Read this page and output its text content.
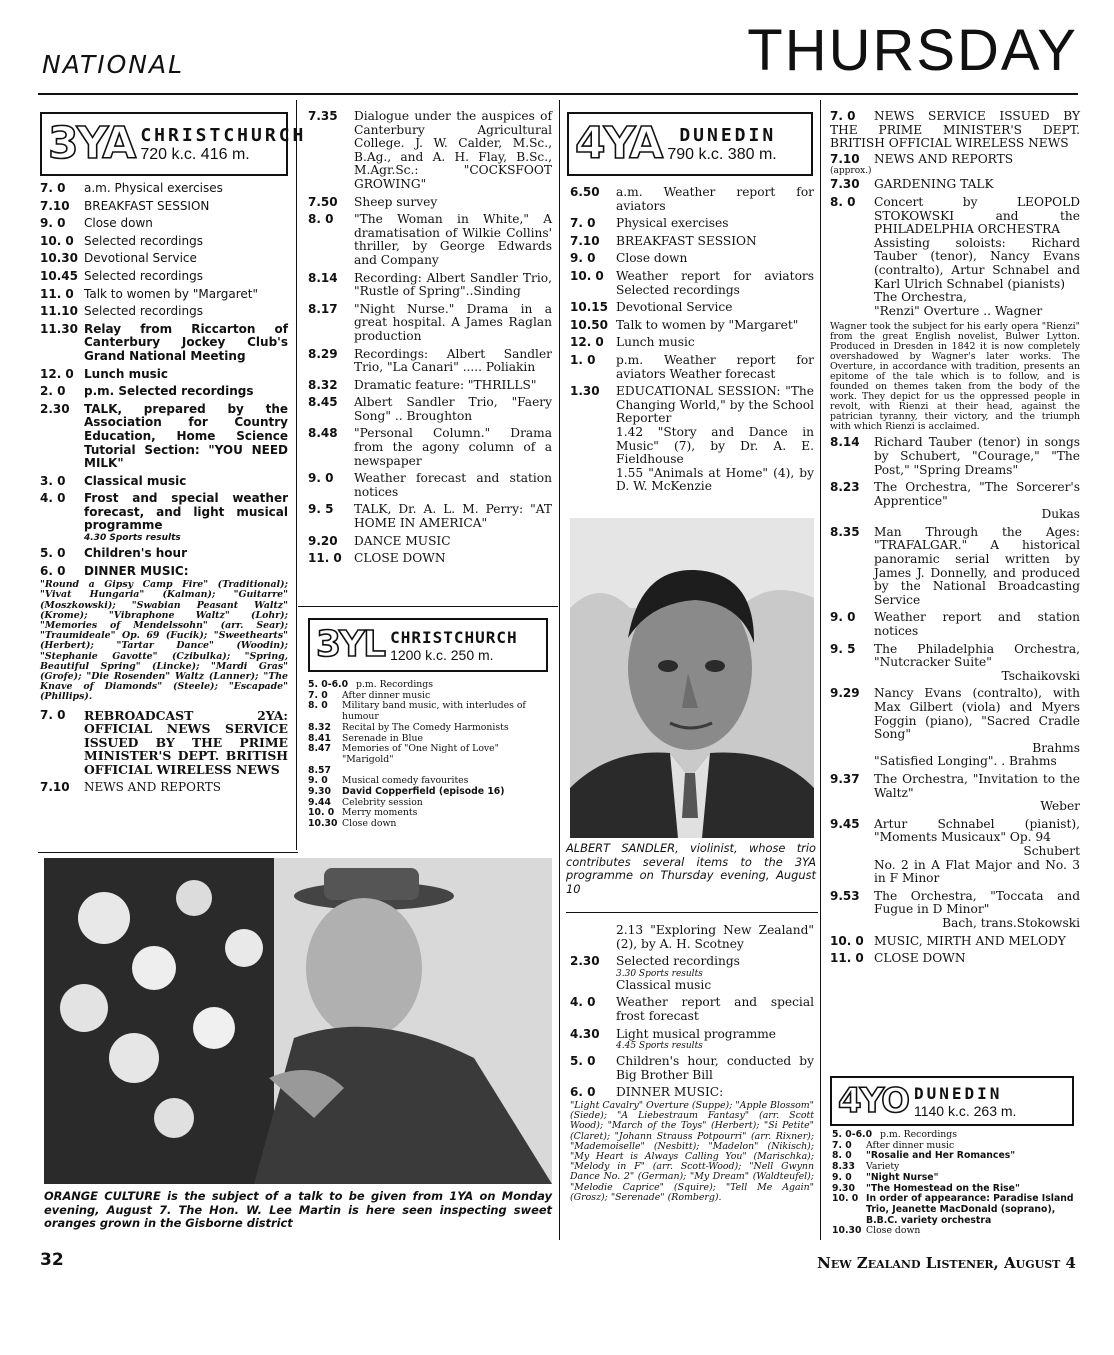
NATIONAL	THURSDAY
3YA CHRISTCHURCH
720 k.c. 416 m.
7. 0	a.m. Physical exercises
7.10	BREAKFAST SESSION
9. 0	Close down
10. 0 Selected recordings
10.30 Devotional Service
10.45 Selected recordings
11. 0 Talk to women by "Margaret"
11.10 Selected recordings
11.30 Relay from Riccarton of Canterbury Jockey Club's Grand National Meeting
12. 0 Lunch music
2. 0	p.m. Selected recordings
2.30	TALK, prepared by the Association for Country Education, Home Science Tutorial Section: "YOU NEED MILK"
3. 0	Classical music
4. 0	Frost and special weather forecast, and light musical programme
4.30 Sports results
5. 0	Children's hour
6. 0	DINNER MUSIC:
"Round a Gipsy Camp Fire" (Traditional); "Vivat Hungaria" (Kalman); "Guitarre" (Moszkowski); "Swabian Peasant Waltz" (Krome); "Vibraphone Waltz" (Lohr); "Memories of Mendelssohn" (arr. Sear); "Traumideale" Op. 69 (Fucik); "Sweethearts" (Herbert); "Tartar Dance" (Woodin); "Stephanie Gavotte" (Czibulka); "Spring, Beautiful Spring" (Lincke); "Mardi Gras" (Grofe); "Die Rosenden" Waltz (Lanner); "The Knave of Diamonds" (Steele); "Escapade" (Phillips).
7. 0	REBROADCAST 2YA: OFFICIAL NEWS SERVICE ISSUED BY THE PRIME MINISTER'S DEPT. BRITISH OFFICIAL WIRELESS NEWS
7.10	NEWS AND REPORTS
7.35	Dialogue under the auspices of Canterbury Agricultural College. J. W. Calder, M.Sc., B.Ag., and A. H. Flay, B.Sc., M.Agr.Sc.: "COCKSFOOT GROWING"
7.50	Sheep survey
8. 0	"The Woman in White," A dramatisation of Wilkie Collins' thriller, by George Edwards and Company
8.14	Recording: Albert Sandler Trio, "Rustle of Spring"..Sinding
8.17	"Night Nurse." Drama in a great hospital. A James Raglan production
8.29	Recordings: Albert Sandler Trio, "La Canari" ..... Poliakin
8.32	Dramatic feature: "THRILLS"
8.45	Albert Sandler Trio, "Faery Song" .. Broughton
8.48	"Personal Column." Drama from the agony column of a newspaper
9. 0	Weather forecast and station notices
9. 5	TALK, Dr. A. L. M. Perry: "AT HOME IN AMERICA"
9.20	DANCE MUSIC
11. 0	CLOSE DOWN
3YL CHRISTCHURCH
1200 k.c. 250 m.
5. 0-6.0 p.m. Recordings
7. 0	After dinner music
8. 0	Military band music, with interludes of humour
8.32	Recital by The Comedy Harmonists
8.41	Serenade in Blue
8.47	Memories of "One Night of Love" "Marigold"
8.57
9. 0	Musical comedy favourites
9.30	David Copperfield (episode 16)
9.44	Celebrity session
10. 0 Merry moments
10.30 Close down
ORANGE CULTURE is the subject of a talk to be given from 1YA on Monday evening, August 7. The Hon. W. Lee Martin is here seen inspecting sweet oranges grown in the Gisborne district
4YA DUNEDIN
790 k.c. 380 m.
6.50	a.m. Weather report for aviators
7. 0	Physical exercises
7.10	BREAKFAST SESSION
9. 0	Close down
10. 0	Weather report for aviators Selected recordings
10.15 Devotional Service
10.50 Talk to women by "Margaret"
12. 0	Lunch music
1. 0	p.m. Weather report for aviators Weather forecast
1.30	EDUCATIONAL SESSION: "The Changing World," by the School Reporter
1.42 "Story and Dance in Music" (7), by Dr. A. E. Fieldhouse
1.55 "Animals at Home" (4), by D. W. McKenzie
ALBERT SANDLER, violinist, whose trio contributes several items to the 3YA programme on Thursday evening, August 10
2.13 "Exploring New Zealand" (2), by A. H. Scotney
2.30	Selected recordings
3.30 Sports results
Classical music
4. 0	Weather report and special frost forecast
4.30	Light musical programme
4.45 Sports results
5. 0	Children's hour, conducted by Big Brother Bill
6. 0	DINNER MUSIC:
"Light Cavalry" Overture (Suppe); "Apple Blossom" (Siede); "A Liebestraum Fantasy" (arr. Scott Wood); "March of the Toys" (Herbert); "Si Petite" (Claret); "Johann Strauss Potpourri" (arr. Rixner); "Mademoiselle" (Nesbitt); "Madelon" (Nikisch); "My Heart is Always Calling You" (Marischka); "Melody in F" (arr. Scott-Wood); "Nell Gwynn Dance No. 2" (German); "My Dream" (Waldteufel); "Melodie Caprice" (Squire); "Tell Me Again" (Grosz); "Serenade" (Romberg).
7. 0	NEWS SERVICE ISSUED BY THE PRIME MINISTER'S DEPT. BRITISH OFFICIAL WIRELESS NEWS
7.10	NEWS AND REPORTS
(approx.)
7.30	GARDENING TALK
8. 0	Concert by LEOPOLD STOKOWSKI and the PHILADELPHIA ORCHESTRA
Assisting soloists: Richard Tauber (tenor), Nancy Evans (contralto), Artur Schnabel and Karl Ulrich Schnabel (pianists)
The Orchestra,
"Renzi" Overture .. Wagner
Wagner took the subject for his early opera "Rienzi" from the great English novelist, Bulwer Lytton. Produced in Dresden in 1842 it is now completely overshadowed by Wagner's later works. The Overture, in accordance with tradition, presents an epitome of the tale which is to follow, and is founded on themes taken from the body of the work. They depict for us the oppressed people in revolt, with Rienzi at their head, against the patrician tyranny, their victory, and the triumph with which Rienzi is acclaimed.
8.14	Richard Tauber (tenor) in songs by Schubert, "Courage," "The Post," "Spring Dreams"
8.23	The Orchestra, "The Sorcerer's Apprentice"
Dukas
8.35	Man Through the Ages: "TRAFALGAR." A historical panoramic serial written by James J. Donnelly, and produced by the National Broadcasting Service
9. 0	Weather report and station notices
9. 5	The Philadelphia Orchestra, "Nutcracker Suite"
Tschaikovski
9.29	Nancy Evans (contralto), with Max Gilbert (viola) and Myers Foggin (piano), "Sacred Cradle Song"
Brahms
"Satisfied Longing". . Brahms
9.37	The Orchestra, "Invitation to the Waltz"
Weber
9.45	Artur Schnabel (pianist), "Moments Musicaux" Op. 94
Schubert
No. 2 in A Flat Major and No. 3 in F Minor
9.53	The Orchestra, "Toccata and Fugue in D Minor"
Bach, trans.Stokowski
10. 0 MUSIC, MIRTH AND MELODY
11. 0 CLOSE DOWN
4YO DUNEDIN
1140 k.c. 263 m.
5. 0-6.0 p.m. Recordings
7. 0	After dinner music
8. 0	"Rosalie and Her Romances"
8.33	Variety
9. 0	"Night Nurse"
9.30	"The Homestead on the Rise"
10. 0 In order of appearance: Paradise Island Trio, Jeanette MacDonald (soprano), B.B.C. variety orchestra
10.30 Close down
32	New Zealand Listener, August 4
